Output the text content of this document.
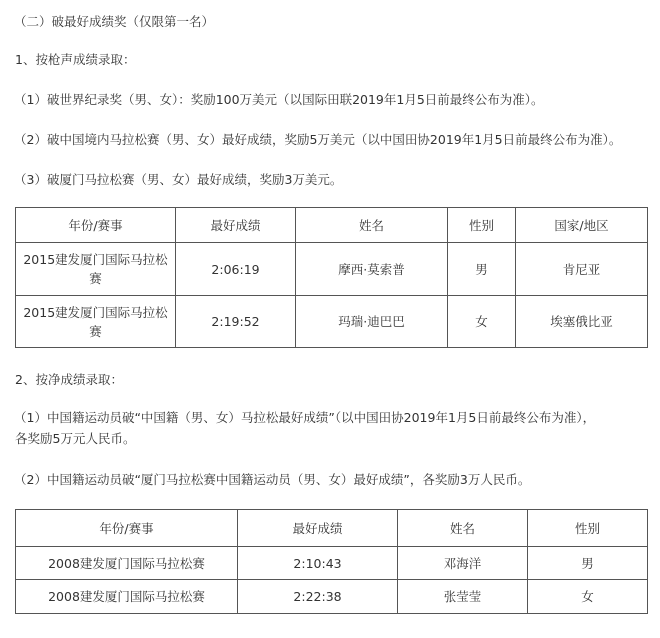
（二）破最好成绩奖（仅限第一名）
1、按枪声成绩录取：
（1）破世界纪录奖（男、女）：奖励100万美元（以国际田联2019年1月5日前最终公布为准）。
（2）破中国境内马拉松赛（男、女）最好成绩，奖励5万美元（以中国田协2019年1月5日前最终公布为准）。
（3）破厦门马拉松赛（男、女）最好成绩，奖励3万美元。
年份/赛事	最好成绩	姓名	性别	国家/地区
2015建发厦门国际马拉松赛	2:06:19	摩西·莫索普	男	肯尼亚
2015建发厦门国际马拉松赛	2:19:52	玛瑞·迪巴巴	女	埃塞俄比亚
2、按净成绩录取：
（1）中国籍运动员破“中国籍（男、女）马拉松最好成绩”（以中国田协2019年1月5日前最终公布为准），
各奖励5万元人民币。
（2）中国籍运动员破“厦门马拉松赛中国籍运动员（男、女）最好成绩”，各奖励3万人民币。
年份/赛事	最好成绩	姓名	性别
2008建发厦门国际马拉松赛	2:10:43	邓海洋	男
2008建发厦门国际马拉松赛	2:22:38	张莹莹	女
